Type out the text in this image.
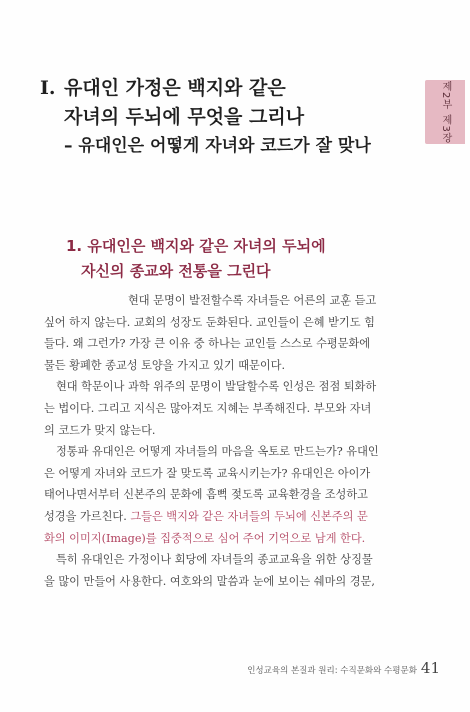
제2부 제3장
I. 유대인 가정은 백지와 같은
자녀의 두뇌에 무엇을 그리나
– 유대인은 어떻게 자녀와 코드가 잘 맞나
1. 유대인은 백지와 같은 자녀의 두뇌에
자신의 종교와 전통을 그린다
현대 문명이 발전할수록 자녀들은 어른의 교훈 듣고
싶어 하지 않는다. 교회의 성장도 둔화된다. 교인들이 은혜 받기도 힘
들다. 왜 그런가? 가장 큰 이유 중 하나는 교인들 스스로 수평문화에
물든 황폐한 종교성 토양을 가지고 있기 때문이다.
현대 학문이나 과학 위주의 문명이 발달할수록 인성은 점점 퇴화하
는 법이다. 그리고 지식은 많아져도 지혜는 부족해진다. 부모와 자녀
의 코드가 맞지 않는다.
정통파 유대인은 어떻게 자녀들의 마음을 옥토로 만드는가? 유대인
은 어떻게 자녀와 코드가 잘 맞도록 교육시키는가? 유대인은 아이가
태어나면서부터 신본주의 문화에 흠뻑 젖도록 교육환경을 조성하고
성경을 가르친다. 그들은 백지와 같은 자녀들의 두뇌에 신본주의 문
화의 이미지(Image)를 집중적으로 심어 주어 기억으로 남게 한다.
특히 유대인은 가정이나 회당에 자녀들의 종교교육을 위한 상징물
을 많이 만들어 사용한다. 여호와의 말씀과 눈에 보이는 쉐마의 경문,
인성교육의 본질과 원리: 수직문화와 수평문화 41
